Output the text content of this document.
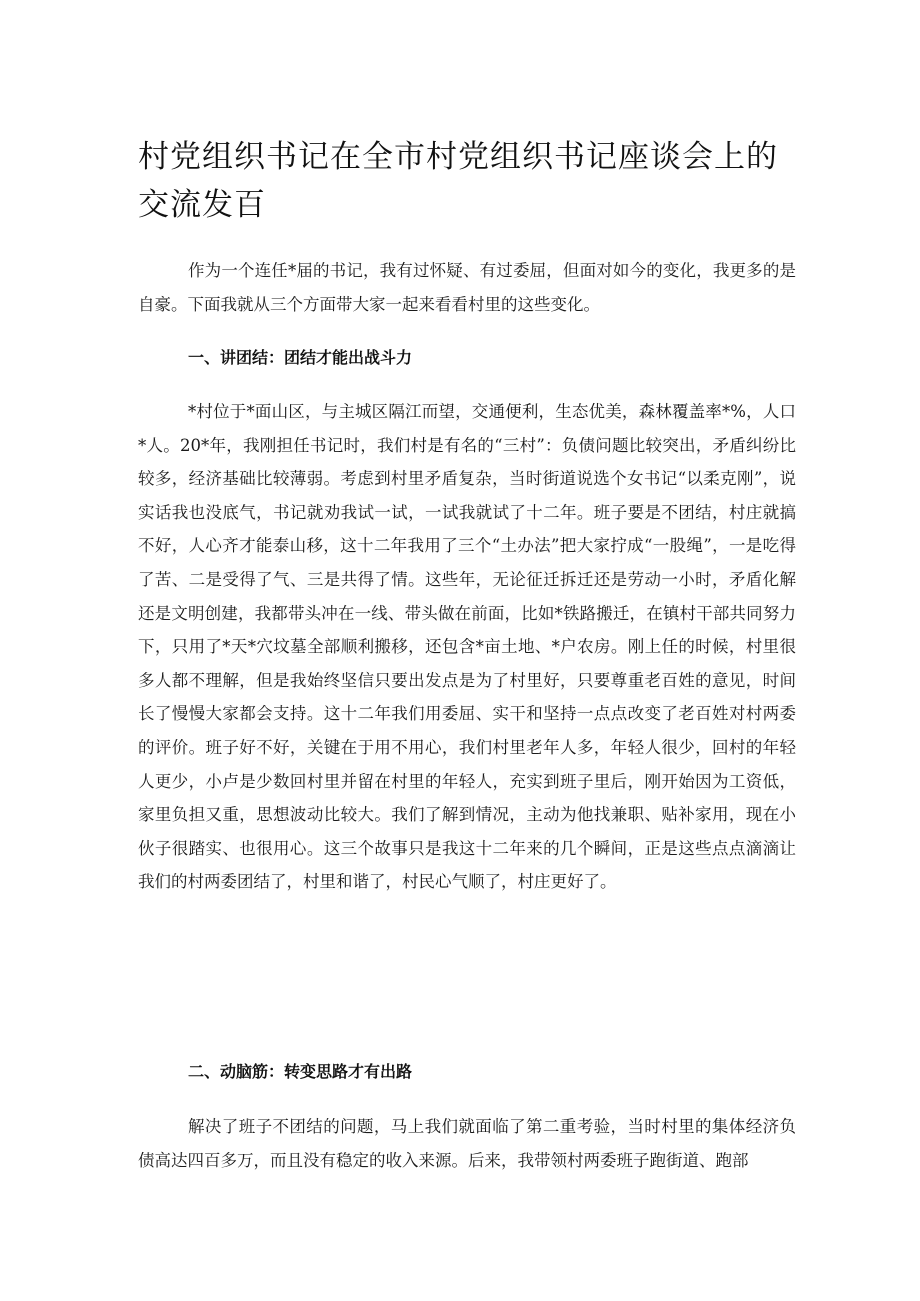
村党组织书记在全市村党组织书记座谈会上的交流发百

作为一个连任*届的书记，我有过怀疑、有过委屈，但面对如今的变化，我更多的是自豪。下面我就从三个方面带大家一起来看看村里的这些变化。

一、讲团结：团结才能出战斗力

*村位于*面山区，与主城区隔江而望，交通便利，生态优美，森林覆盖率*%，人口*人。20*年，我刚担任书记时，我们村是有名的“三村”：负债问题比较突出，矛盾纠纷比较多，经济基础比较薄弱。考虑到村里矛盾复杂，当时街道说选个女书记“以柔克刚”，说实话我也没底气，书记就劝我试一试，一试我就试了十二年。班子要是不团结，村庄就搞不好，人心齐才能泰山移，这十二年我用了三个“土办法”把大家拧成“一股绳”，一是吃得了苦、二是受得了气、三是共得了情。这些年，无论征迁拆迁还是劳动一小时，矛盾化解还是文明创建，我都带头冲在一线、带头做在前面，比如*铁路搬迁，在镇村干部共同努力下，只用了*天*穴坟墓全部顺利搬移，还包含*亩土地、*户农房。刚上任的时候，村里很多人都不理解，但是我始终坚信只要出发点是为了村里好，只要尊重老百姓的意见，时间长了慢慢大家都会支持。这十二年我们用委屈、实干和坚持一点点改变了老百姓对村两委的评价。班子好不好，关键在于用不用心，我们村里老年人多，年轻人很少，回村的年轻人更少，小卢是少数回村里并留在村里的年轻人，充实到班子里后，刚开始因为工资低，家里负担又重，思想波动比较大。我们了解到情况，主动为他找兼职、贴补家用，现在小伙子很踏实、也很用心。这三个故事只是我这十二年来的几个瞬间，正是这些点点滴滴让我们的村两委团结了，村里和谐了，村民心气顺了，村庄更好了。

二、动脑筋：转变思路才有出路

解决了班子不团结的问题，马上我们就面临了第二重考验，当时村里的集体经济负债高达四百多万，而且没有稳定的收入来源。后来，我带领村两委班子跑街道、跑部
